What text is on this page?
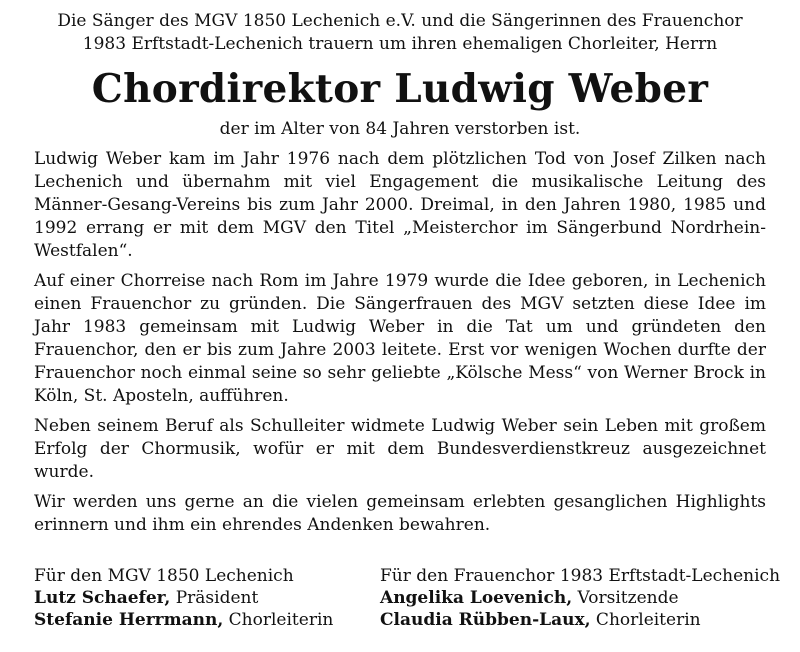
Die Sänger des MGV 1850 Lechenich e.V. und die Sängerinnen des Frauenchor
1983 Erftstadt-Lechenich trauern um ihren ehemaligen Chorleiter, Herrn
Chordirektor Ludwig Weber
der im Alter von 84 Jahren verstorben ist.

Ludwig Weber kam im Jahr 1976 nach dem plötzlichen Tod von Josef Zilken nach Lechenich und übernahm mit viel Engagement die musikalische Leitung des Männer-Gesang-Vereins bis zum Jahr 2000. Dreimal, in den Jahren 1980, 1985 und 1992 errang er mit dem MGV den Titel „Meisterchor im Sängerbund Nordrhein-Westfalen“.

Auf einer Chorreise nach Rom im Jahre 1979 wurde die Idee geboren, in Lechenich einen Frauenchor zu gründen. Die Sängerfrauen des MGV setzten diese Idee im Jahr 1983 gemeinsam mit Ludwig Weber in die Tat um und gründeten den Frauenchor, den er bis zum Jahre 2003 leitete. Erst vor wenigen Wochen durfte der Frauenchor noch einmal seine so sehr geliebte „Kölsche Mess“ von Werner Brock in Köln, St. Aposteln, aufführen.

Neben seinem Beruf als Schulleiter widmete Ludwig Weber sein Leben mit großem Erfolg der Chormusik, wofür er mit dem Bundesverdienstkreuz ausgezeichnet wurde.

Wir werden uns gerne an die vielen gemeinsam erlebten gesanglichen Highlights erinnern und ihm ein ehrendes Andenken bewahren.

Für den MGV 1850 Lechenich
Lutz Schaefer, Präsident
Stefanie Herrmann, Chorleiterin
Für den Frauenchor 1983 Erftstadt-Lechenich
Angelika Loevenich, Vorsitzende
Claudia Rübben-Laux, Chorleiterin
